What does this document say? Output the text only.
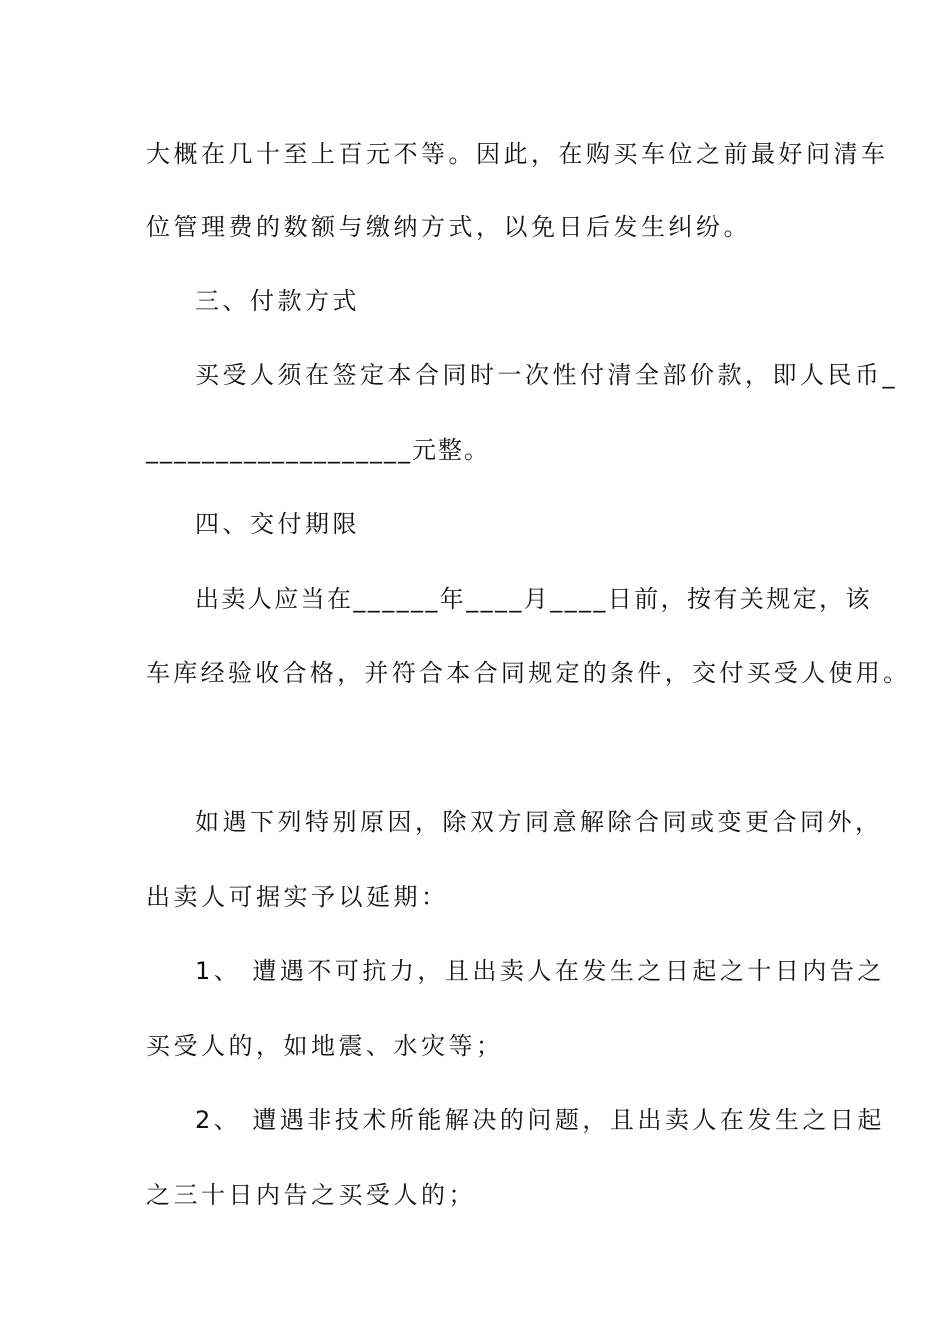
大概在几十至上百元不等。因此，在购买车位之前最好问清车
位管理费的数额与缴纳方式，以免日后发生纠纷。
三、付款方式
买受人须在签定本合同时一次性付清全部价款，即人民币_
___________________元整。
四、交付期限
出卖人应当在______年____月____日前，按有关规定，该
车库经验收合格，并符合本合同规定的条件，交付买受人使用。
如遇下列特别原因，除双方同意解除合同或变更合同外，
出卖人可据实予以延期：
1、 遭遇不可抗力，且出卖人在发生之日起之十日内告之
买受人的，如地震、水灾等；
2、 遭遇非技术所能解决的问题，且出卖人在发生之日起
之三十日内告之买受人的；
